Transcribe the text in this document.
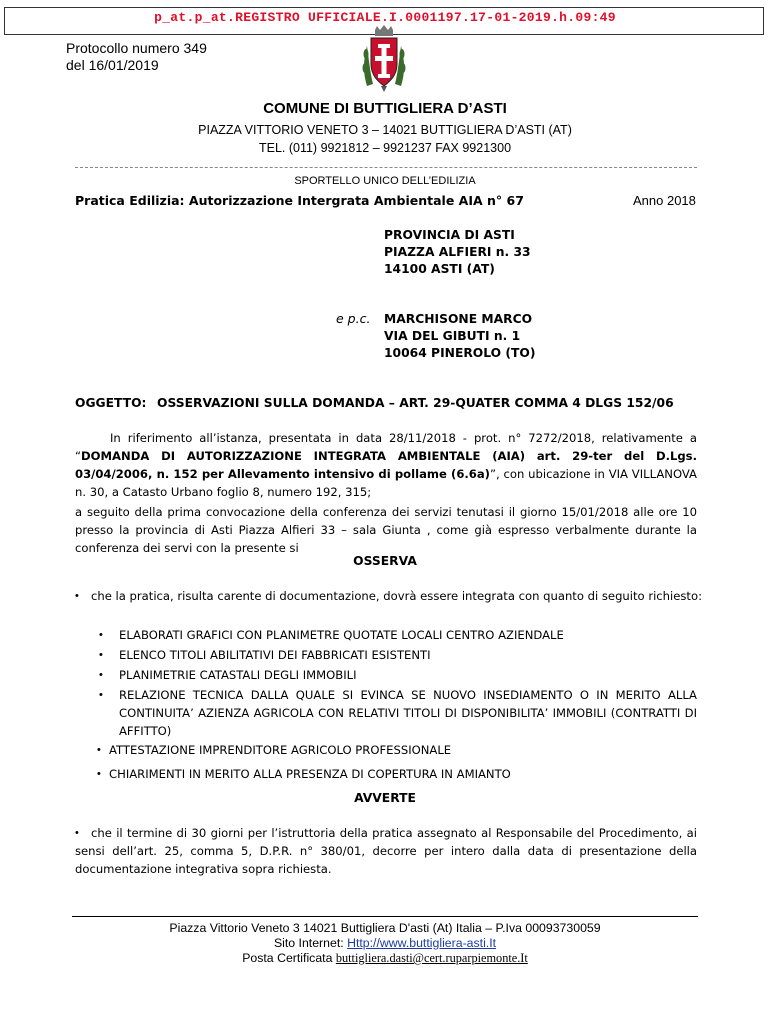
p_at.p_at.REGISTRO UFFICIALE.I.0001197.17-01-2019.h.09:49
Protocollo numero 349
del 16/01/2019
COMUNE DI BUTTIGLIERA D’ASTI
PIAZZA VITTORIO VENETO 3 – 14021 BUTTIGLIERA D’ASTI (AT)
TEL. (011) 9921812 – 9921237 FAX 9921300
SPORTELLO UNICO DELL’EDILIZIA
Pratica Edilizia: Autorizzazione Intergrata Ambientale AIA n° 67	Anno 2018
PROVINCIA DI ASTI
PIAZZA ALFIERI n. 33
14100 ASTI (AT)
e p.c. MARCHISONE MARCO
VIA DEL GIBUTI n. 1
10064 PINEROLO (TO)
OGGETTO: OSSERVAZIONI SULLA DOMANDA – ART. 29-QUATER COMMA 4 DLGS 152/06
In riferimento all’istanza, presentata in data 28/11/2018 - prot. n° 7272/2018, relativamente a “DOMANDA DI AUTORIZZAZIONE INTEGRATA AMBIENTALE (AIA) art. 29-ter del D.Lgs. 03/04/2006, n. 152 per Allevamento intensivo di pollame (6.6a)”, con ubicazione in VIA VILLANOVA n. 30, a Catasto Urbano foglio 8, numero 192, 315;
a seguito della prima convocazione della conferenza dei servizi tenutasi il giorno 15/01/2018 alle ore 10 presso la provincia di Asti Piazza Alfieri 33 – sala Giunta , come già espresso verbalmente durante la conferenza dei servi con la presente si
OSSERVA
• che la pratica, risulta carente di documentazione, dovrà essere integrata con quanto di seguito richiesto:
• ELABORATI GRAFICI CON PLANIMETRE QUOTATE LOCALI CENTRO AZIENDALE
• ELENCO TITOLI ABILITATIVI DEI FABBRICATI ESISTENTI
• PLANIMETRIE CATASTALI DEGLI IMMOBILI
• RELAZIONE TECNICA DALLA QUALE SI EVINCA SE NUOVO INSEDIAMENTO O IN MERITO ALLA CONTINUITA’ AZIENZA AGRICOLA CON RELATIVI TITOLI DI DISPONIBILITA’ IMMOBILI (CONTRATTI DI AFFITTO)
• ATTESTAZIONE IMPRENDITORE AGRICOLO PROFESSIONALE
• CHIARIMENTI IN MERITO ALLA PRESENZA DI COPERTURA IN AMIANTO
AVVERTE
•	che il termine di 30 giorni per l’istruttoria della pratica assegnato al Responsabile del Procedimento, ai sensi dell’art. 25, comma 5, D.P.R. n° 380/01, decorre per intero dalla data di presentazione della documentazione integrativa sopra richiesta.
Piazza Vittorio Veneto 3 14021 Buttigliera D'asti (At) Italia – P.Iva 00093730059
Sito Internet: Http://www.buttigliera-asti.It
Posta Certificata buttigliera.dasti@cert.ruparpiemonte.It
